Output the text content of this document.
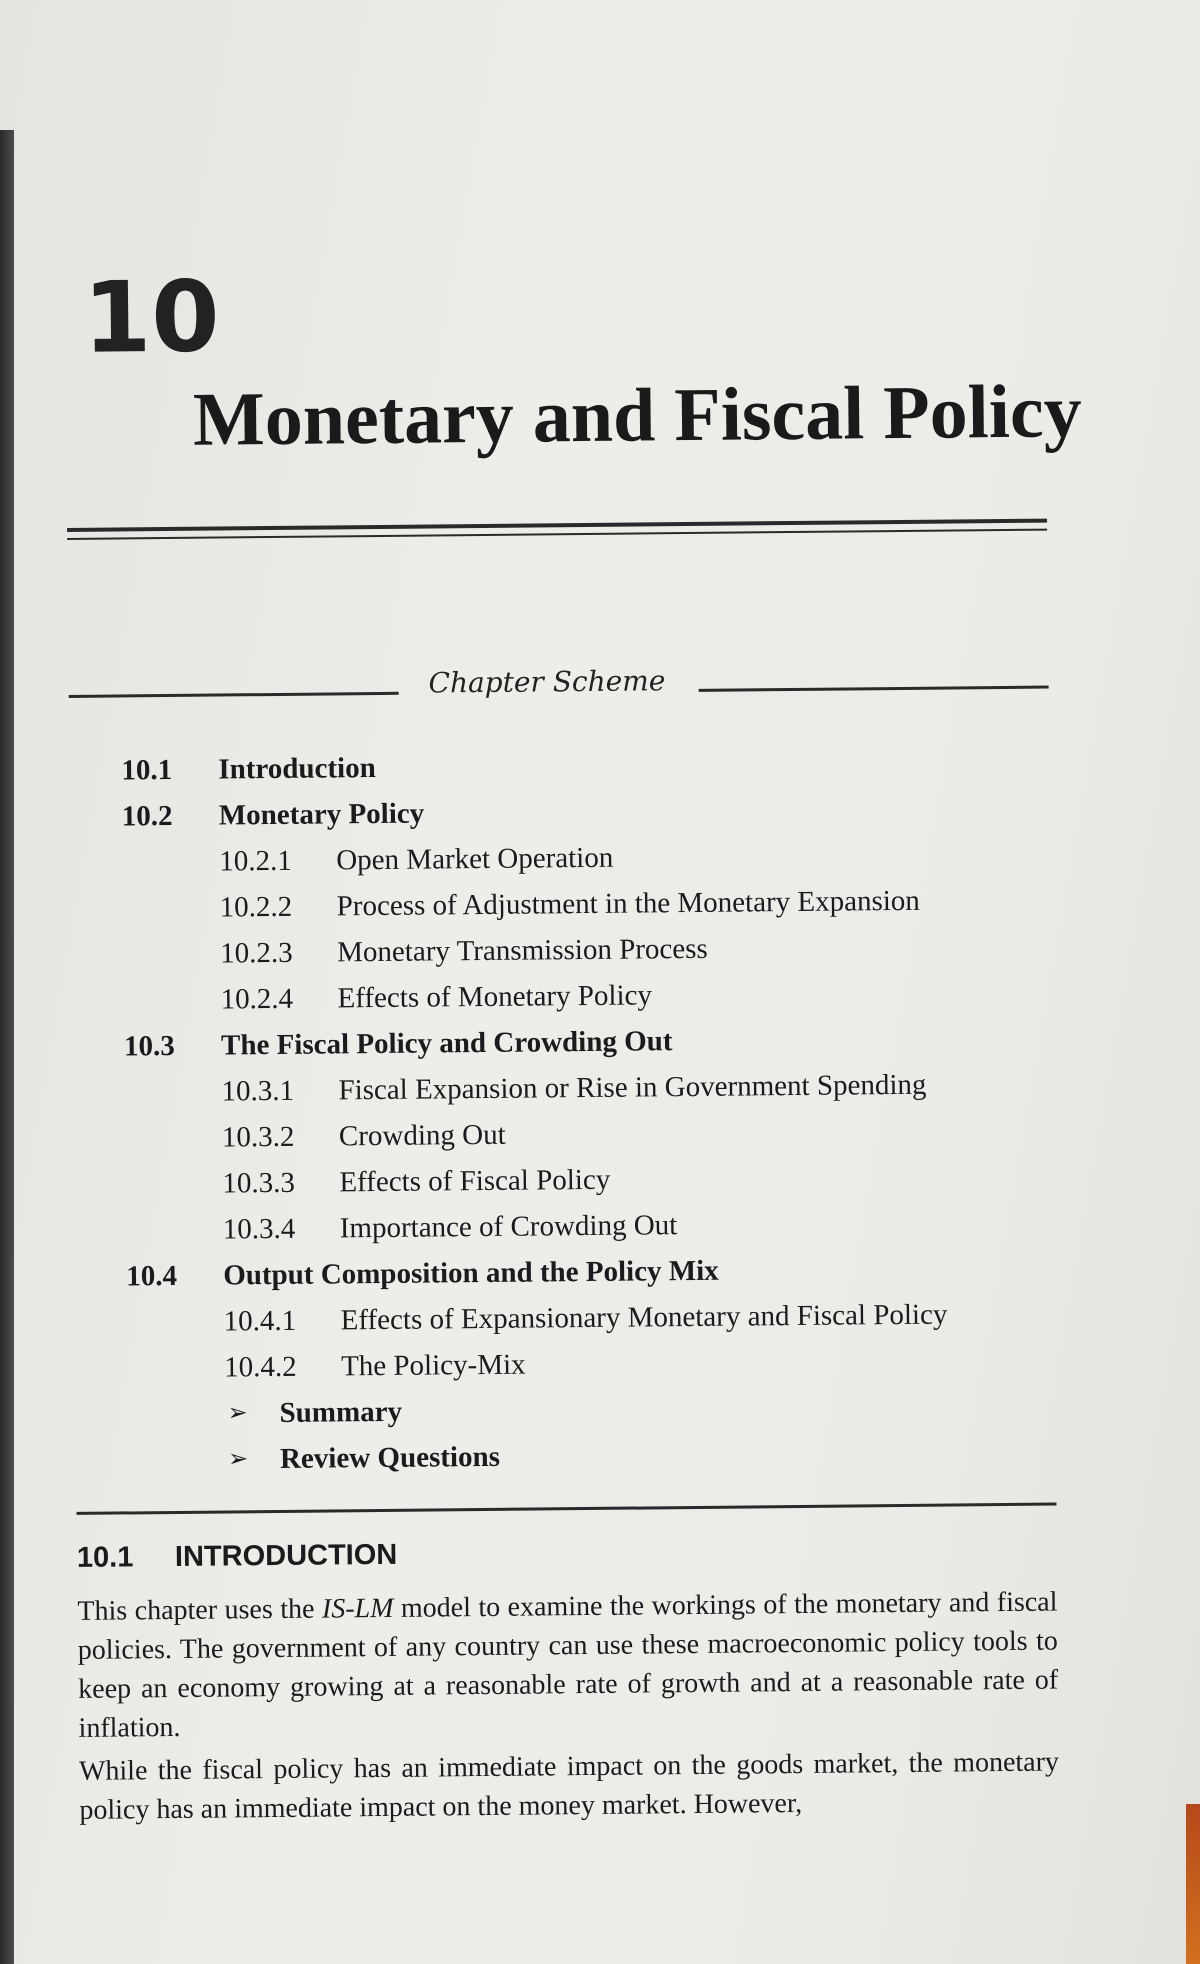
10
Monetary and Fiscal Policy
Chapter Scheme
10.1 Introduction
10.2 Monetary Policy
10.2.1 Open Market Operation
10.2.2 Process of Adjustment in the Monetary Expansion
10.2.3 Monetary Transmission Process
10.2.4 Effects of Monetary Policy
10.3 The Fiscal Policy and Crowding Out
10.3.1 Fiscal Expansion or Rise in Government Spending
10.3.2 Crowding Out
10.3.3 Effects of Fiscal Policy
10.3.4 Importance of Crowding Out
10.4 Output Composition and the Policy Mix
10.4.1 Effects of Expansionary Monetary and Fiscal Policy
10.4.2 The Policy-Mix
➢ Summary
➢ Review Questions
10.1 INTRODUCTION

This chapter uses the IS-LM model to examine the workings of the monetary and fiscal policies. The government of any country can use these macroeconomic policy tools to keep an economy growing at a reasonable rate of growth and at a reasonable rate of inflation.

While the fiscal policy has an immediate impact on the goods market, the monetary policy has an immediate impact on the money market. However,
